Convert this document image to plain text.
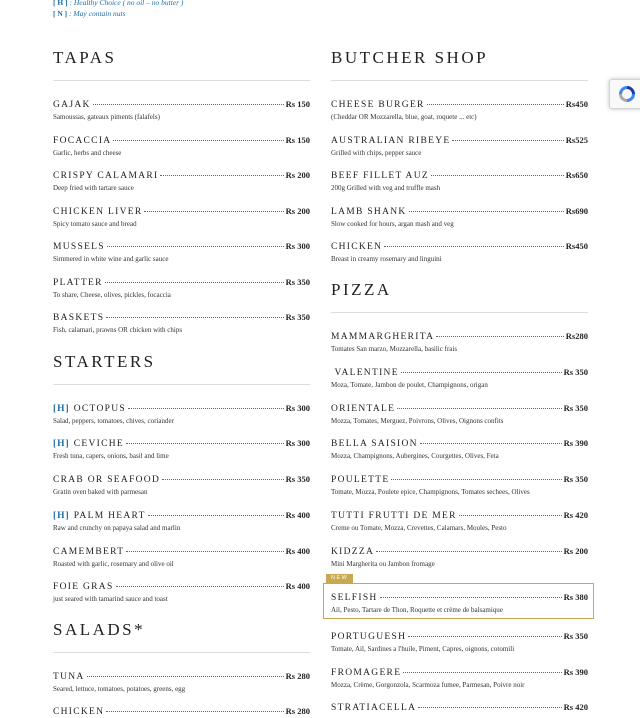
[ H ] : Healthy Choice ( no oil – no butter )
[ N ] : May contain nuts
TAPAS
GAJAK	Rs 150
Samoussas, gateaux piments (falafels)
FOCACCIA	Rs 150
Garlic, herbs and cheese
CRISPY CALAMARI	Rs 200
Deep fried with tartare sauce
CHICKEN LIVER	Rs 200
Spicy tomato sauce and bread
MUSSELS	Rs 300
Simmered in white wine and garlic sauce
PLATTER	Rs 350
To share, Cheese, olives, pickles, focaccia
BASKETS	Rs 350
Fish, calamari, prawns OR chicken with chips
STARTERS
[H] OCTOPUS	Rs 300
Salad, peppers, tomatoes, chives, coriander
[H] CEVICHE	Rs 300
Fresh tuna, capers, onions, basil and lime
CRAB OR SEAFOOD	Rs 350
Gratin oven baked with parmesan
[H] PALM HEART	Rs 400
Raw and crunchy on papaya salad and marlin
CAMEMBERT	Rs 400
Roasted with garlic, rosemary and olive oil
FOIE GRAS	Rs 400
just seared with tamarind sauce and toast
SALADS*
TUNA	Rs 280
Seared, lettuce, tomatoes, potatoes, greens, egg
CHICKEN	Rs 280
BUTCHER SHOP
CHEESE BURGER	Rs450
(Cheddar OR Mozzarella, blue, goat, roquete ... etc)
AUSTRALIAN RIBEYE	Rs525
Grilled with chips, pepper sauce
BEEF FILLET AUZ	Rs650
200g Grilled with veg and truffle mash
LAMB SHANK	Rs690
Slow cooked for hours, argan mash and veg
CHICKEN	Rs450
Breast in creamy rosemary and linguini
PIZZA
MAMMARGHERITA	Rs280
Tomates San marzo, Mozzarella, basilic frais
VALENTINE	Rs 350
Moza, Tomate, Jambon de poulet, Champignons, origan
ORIENTALE	Rs 350
Mozza, Tomates, Merguez, Poivrons, Olives, Oignons confits
BELLA SAISION	Rs 390
Mozza, Champignons, Aubergines, Courgettes, Olives, Feta
POULETTE	Rs 350
Tomate, Mozza, Poulete epice, Champignons, Tomates sechees, Olives
TUTTI FRUTTI DE MER	Rs 420
Creme ou Tomate, Mozza, Crevettes, Calamars, Moules, Pesto
KIDZZA	Rs 200
Mini Margherita ou Jambon fromage
SELFISH	Rs 380
Ail, Pesto, Tartare de Thon, Roquette et crème de balsamique
PORTUGUESH	Rs 350
Tomate, Ail, Sardines a l'huile, Piment, Capres, oignons, cotomili
FROMAGERE	Rs 390
Mozza, Crème, Gorgonzola, Scarmoza fumee, Parmesan, Poivre noir
STRATIACELLA	Rs 420
NEW
